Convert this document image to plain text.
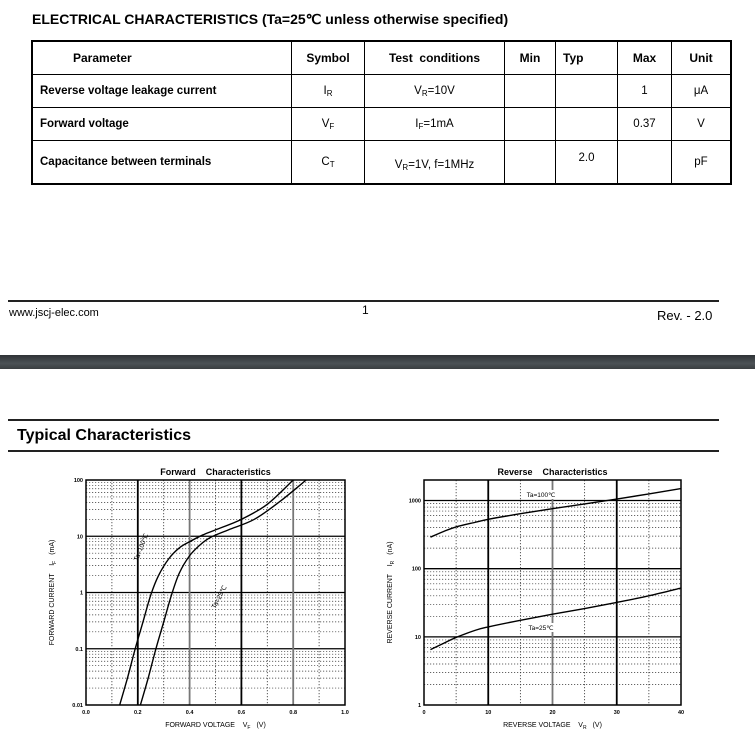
ELECTRICAL CHARACTERISTICS (Ta=25℃ unless otherwise specified)
Parameter	Symbol	Test  conditions	Min	Typ	Max	Unit
Reverse voltage leakage current	$I_R$	$V_R=10V$			1	μA
Forward voltage	$V_F$	$I_F=1mA$			0.37	V
Capacitance between terminals	$C_T$	$V_R=1V$, f=1MHz		2.0		pF
www.jscj-elec.com	1	Rev. - 2.0
Typical Characteristics
0.01
0.1
1
10
100
0.0	0.2	0.4	0.6	0.8	1.0
Forward    Characteristics
FORWARD VOLTAGE    $V_F$ (V)
FORWARD CURRENT    $I_F(mA)$	Ta=100℃
Ta=25℃
1
10
100
1000
0	10	20	30	40
Reverse    Characteristics
REVERSE VOLTAGE    $V_R$ (V)
REVERSE CURRENT    $I_R(nA)$
Ta=100℃
Ta=25℃
